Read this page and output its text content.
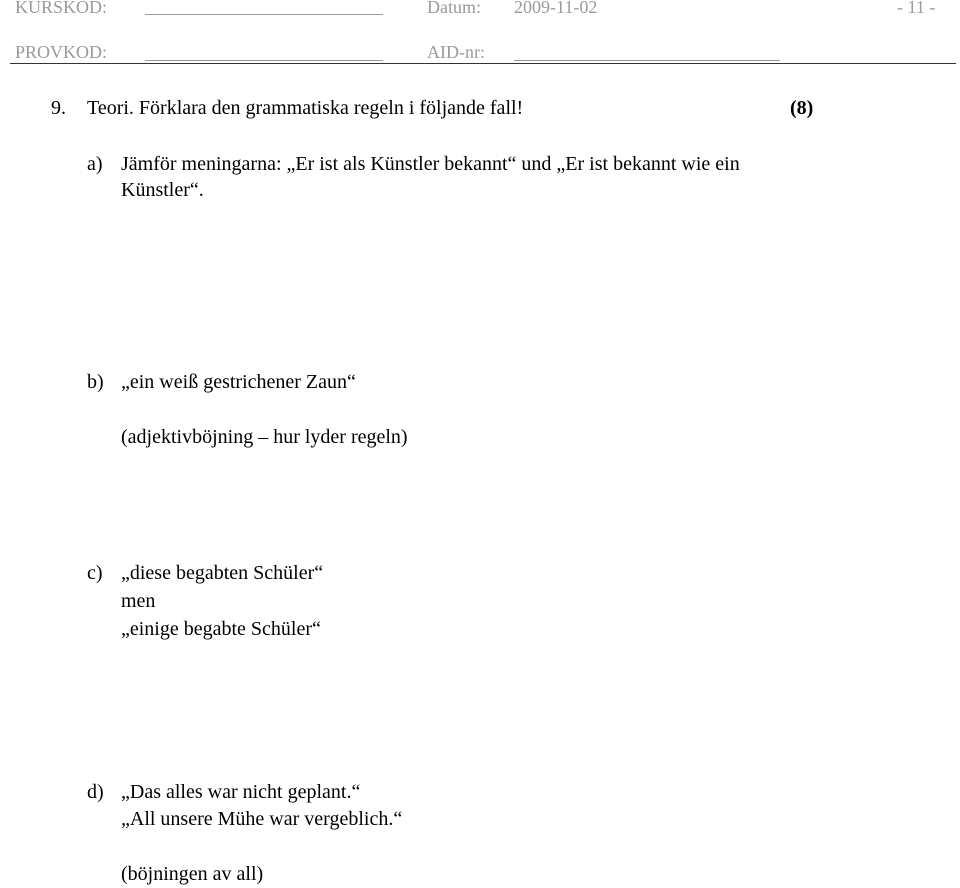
KURSKOD:	Datum: 2009-11-02	- 11 -
PROVKOD:	AID-nr:
9. Teori. Förklara den grammatiska regeln i följande fall!	(8)
a) Jämför meningarna: „Er ist als Künstler bekannt“ und „Er ist bekannt wie ein
Künstler“.
b) „ein weiß gestrichener Zaun“
(adjektivböjning – hur lyder regeln)
c) „diese begabten Schüler“
men
„einige begabte Schüler“
d) „Das alles war nicht geplant.“
„All unsere Mühe war vergeblich.“
(böjningen av all)
